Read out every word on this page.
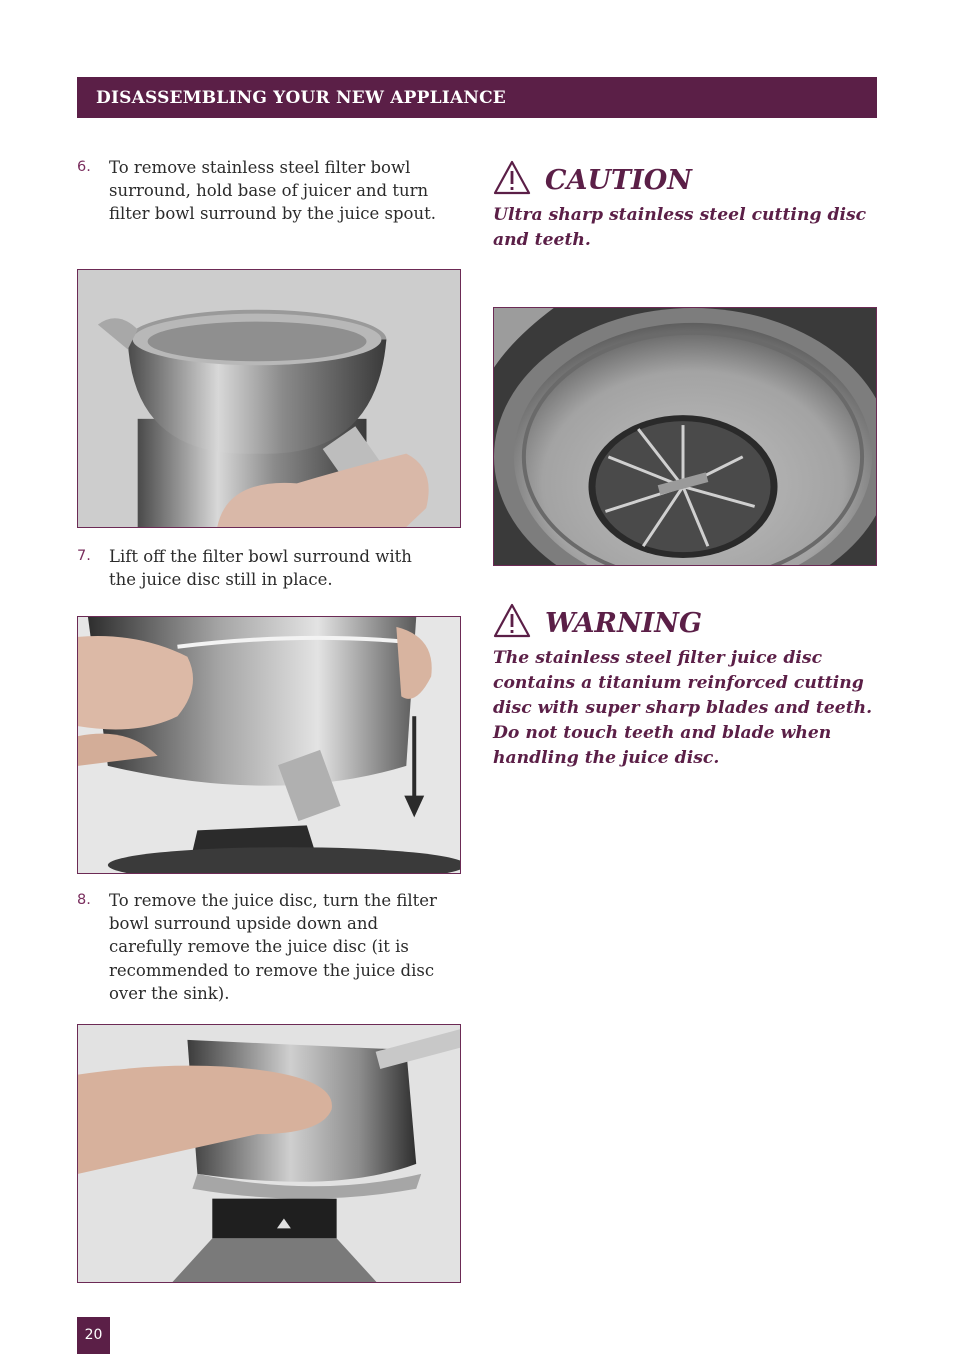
DISASSEMBLING YOUR NEW APPLIANCE
6. To remove stainless steel filter bowl surround, hold base of juicer and turn filter bowl surround by the juice spout.
7. Lift off the filter bowl surround with the juice disc still in place.
8. To remove the juice disc, turn the filter bowl surround upside down and carefully remove the juice disc (it is recommended to remove the juice disc over the sink).
CAUTION
Ultra sharp stainless steel cutting disc and teeth.
WARNING
The stainless steel filter juice disc contains a titanium reinforced cutting disc with super sharp blades and teeth. Do not touch teeth and blade when handling the juice disc.
20
